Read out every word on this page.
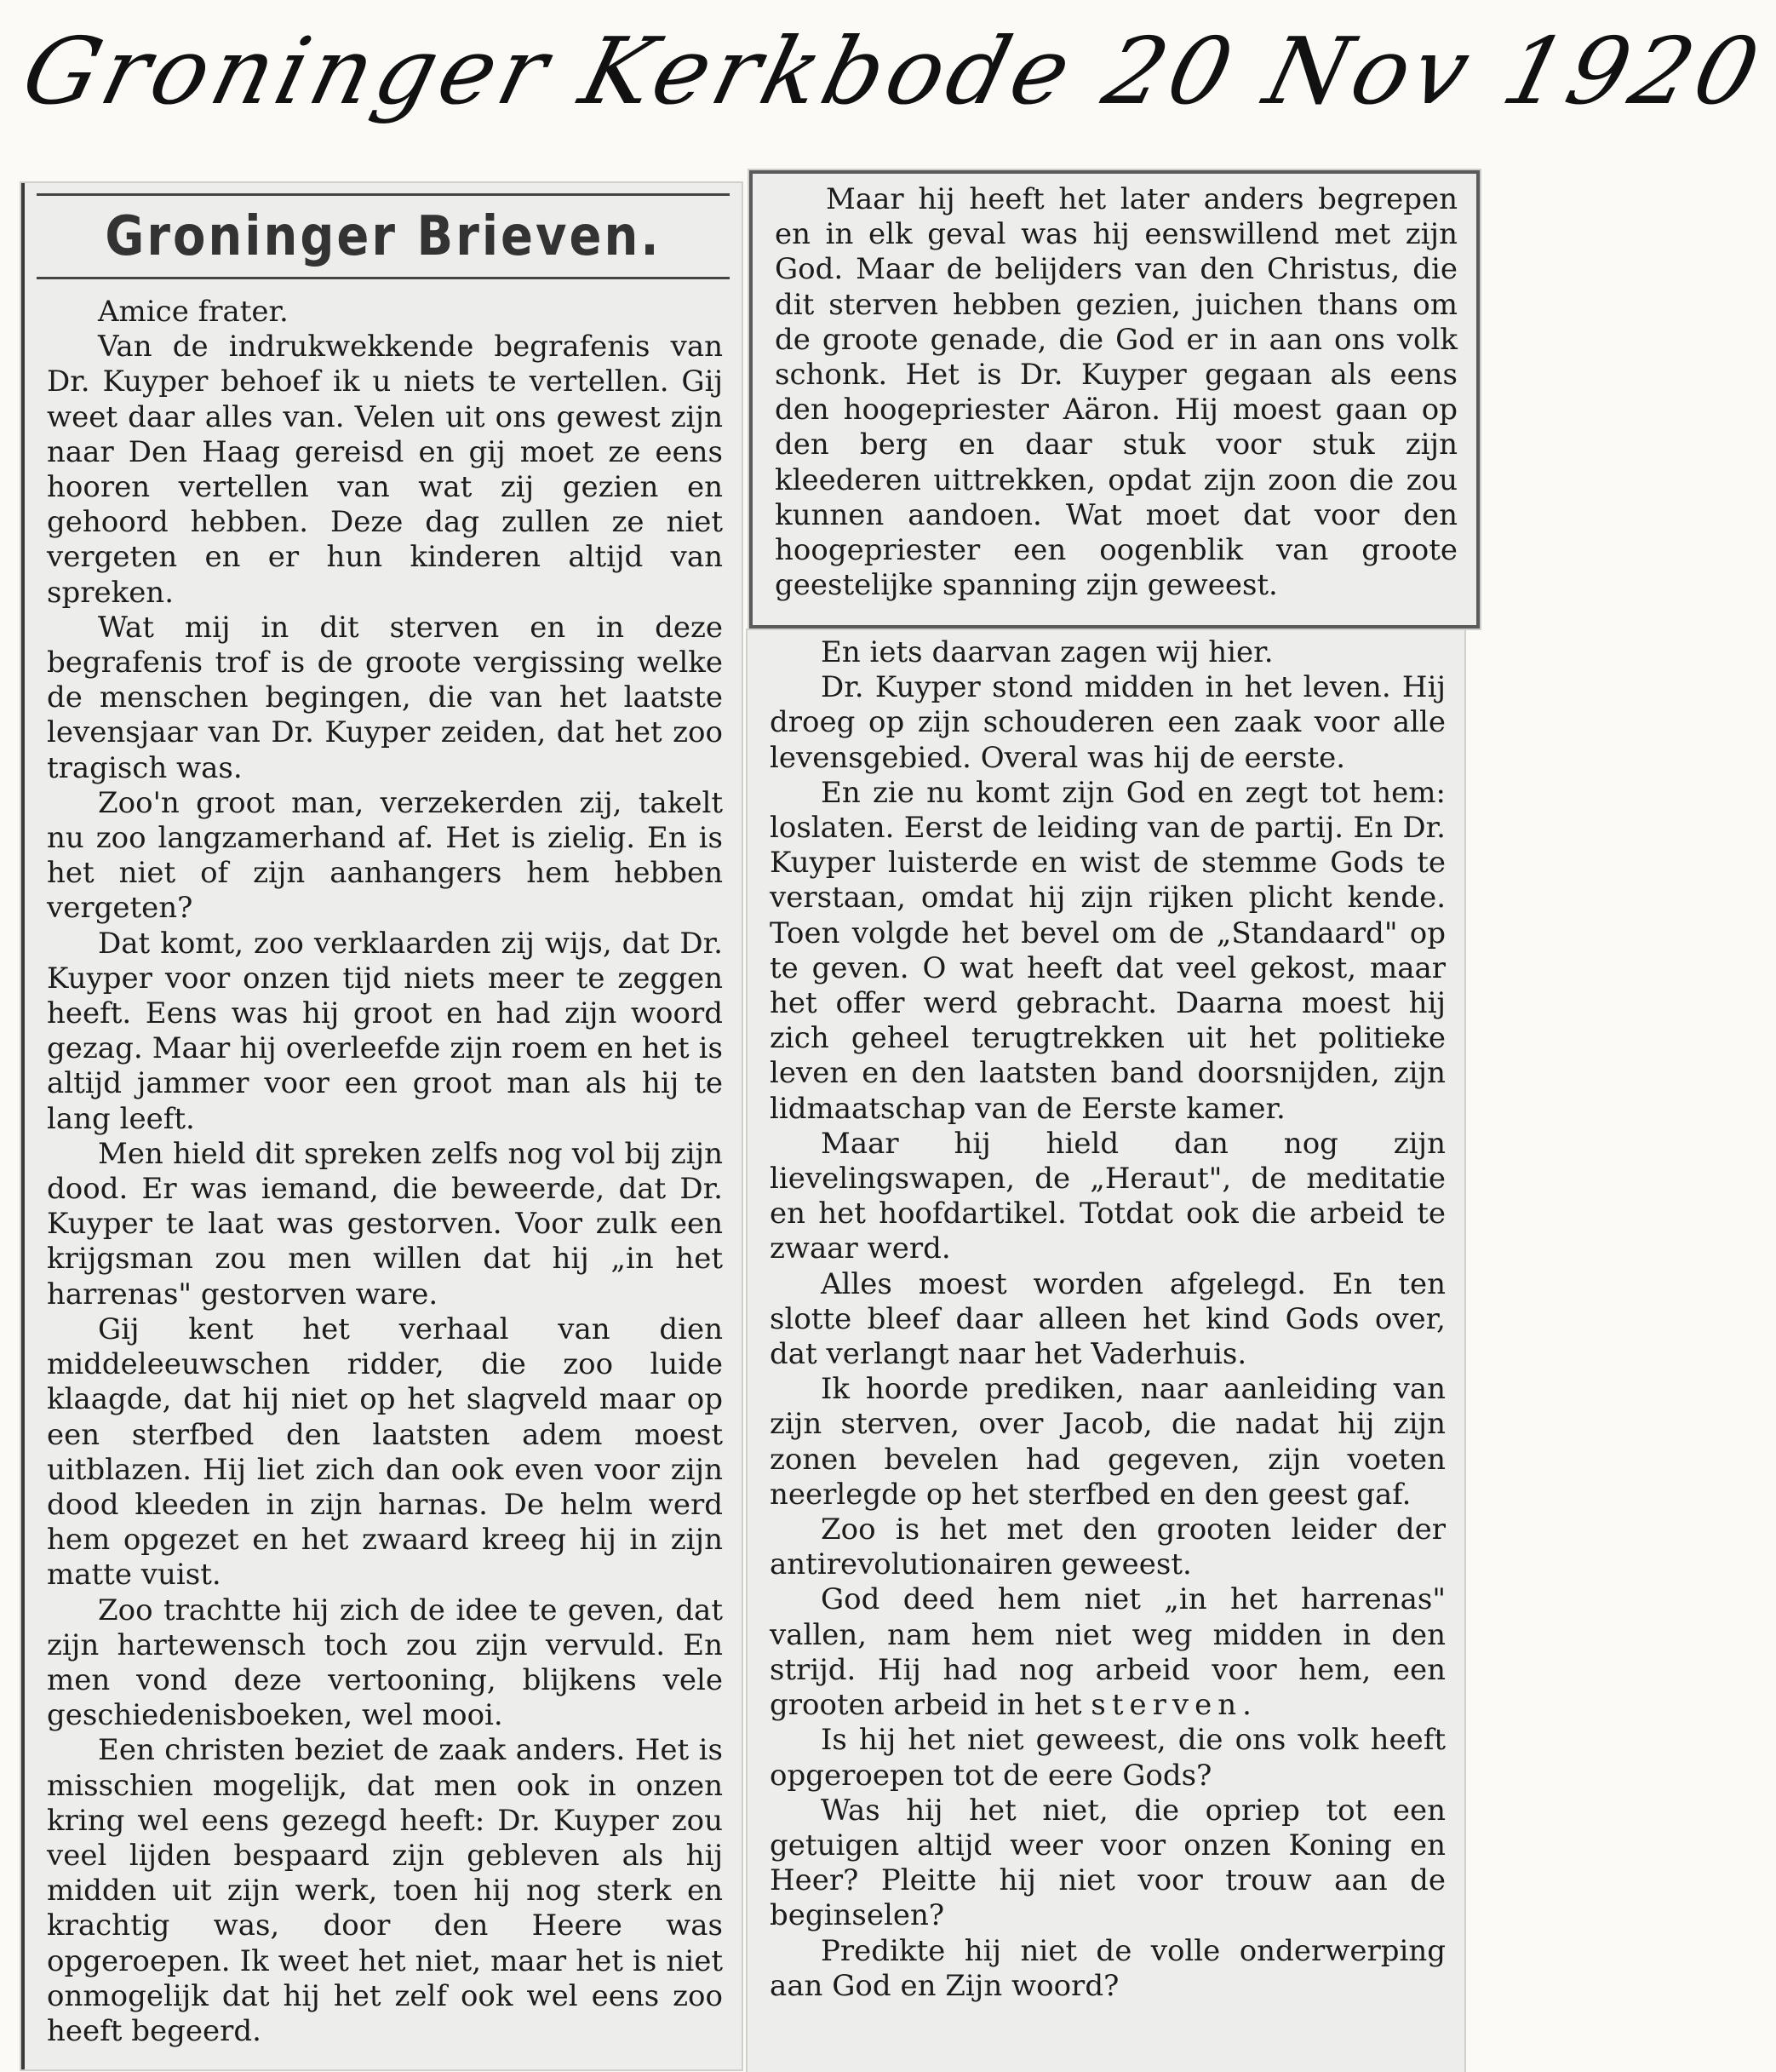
Groninger Kerkbode 20 Nov 1920
Groninger Brieven.

Amice frater.

Van de indrukwekkende begrafenis van Dr. Kuyper behoef ik u niets te vertellen. Gij weet daar alles van. Velen uit ons gewest zijn naar Den Haag gereisd en gij moet ze eens hooren vertellen van wat zij gezien en gehoord hebben. Deze dag zullen ze niet vergeten en er hun kinderen altijd van spreken.

Wat mij in dit sterven en in deze begrafenis trof is de groote vergissing welke de menschen begingen, die van het laatste levensjaar van Dr. Kuyper zeiden, dat het zoo tragisch was.

Zoo'n groot man, verzekerden zij, takelt nu zoo langzamerhand af. Het is zielig. En is het niet of zijn aanhangers hem hebben vergeten?

Dat komt, zoo verklaarden zij wijs, dat Dr. Kuyper voor onzen tijd niets meer te zeggen heeft. Eens was hij groot en had zijn woord gezag. Maar hij overleefde zijn roem en het is altijd jammer voor een groot man als hij te lang leeft.

Men hield dit spreken zelfs nog vol bij zijn dood. Er was iemand, die beweerde, dat Dr. Kuyper te laat was gestorven. Voor zulk een krijgsman zou men willen dat hij „in het harrenas" gestorven ware.

Gij kent het verhaal van dien middeleeuwschen ridder, die zoo luide klaagde, dat hij niet op het slagveld maar op een sterfbed den laatsten adem moest uitblazen. Hij liet zich dan ook even voor zijn dood kleeden in zijn harnas. De helm werd hem opgezet en het zwaard kreeg hij in zijn matte vuist.

Zoo trachtte hij zich de idee te geven, dat zijn hartewensch toch zou zijn vervuld. En men vond deze vertooning, blijkens vele geschiedenisboeken, wel mooi.

Een christen beziet de zaak anders. Het is misschien mogelijk, dat men ook in onzen kring wel eens gezegd heeft: Dr. Kuyper zou veel lijden bespaard zijn gebleven als hij midden uit zijn werk, toen hij nog sterk en krachtig was, door den Heere was opgeroepen. Ik weet het niet, maar het is niet onmogelijk dat hij het zelf ook wel eens zoo heeft begeerd.

Maar hij heeft het later anders begrepen en in elk geval was hij eenswillend met zijn God. Maar de belijders van den Christus, die dit sterven hebben gezien, juichen thans om de groote genade, die God er in aan ons volk schonk. Het is Dr. Kuyper gegaan als eens den hoogepriester Aäron. Hij moest gaan op den berg en daar stuk voor stuk zijn kleederen uittrekken, opdat zijn zoon die zou kunnen aandoen. Wat moet dat voor den hoogepriester een oogenblik van groote geestelijke spanning zijn geweest.

En iets daarvan zagen wij hier.

Dr. Kuyper stond midden in het leven. Hij droeg op zijn schouderen een zaak voor alle levensgebied. Overal was hij de eerste.

En zie nu komt zijn God en zegt tot hem: loslaten. Eerst de leiding van de partij. En Dr. Kuyper luisterde en wist de stemme Gods te verstaan, omdat hij zijn rijken plicht kende. Toen volgde het bevel om de „Standaard" op te geven. O wat heeft dat veel gekost, maar het offer werd gebracht. Daarna moest hij zich geheel terugtrekken uit het politieke leven en den laatsten band doorsnijden, zijn lidmaatschap van de Eerste kamer.

Maar hij hield dan nog zijn lievelingswapen, de „Heraut", de meditatie en het hoofdartikel. Totdat ook die arbeid te zwaar werd.

Alles moest worden afgelegd. En ten slotte bleef daar alleen het kind Gods over, dat verlangt naar het Vaderhuis.

Ik hoorde prediken, naar aanleiding van zijn sterven, over Jacob, die nadat hij zijn zonen bevelen had gegeven, zijn voeten neerlegde op het sterfbed en den geest gaf.

Zoo is het met den grooten leider der antirevolutionairen geweest.

God deed hem niet „in het harrenas" vallen, nam hem niet weg midden in den strijd. Hij had nog arbeid voor hem, een grooten arbeid in het sterven.

Is hij het niet geweest, die ons volk heeft opgeroepen tot de eere Gods?

Was hij het niet, die opriep tot een getuigen altijd weer voor onzen Koning en Heer? Pleitte hij niet voor trouw aan de beginselen?

Predikte hij niet de volle onderwerping aan God en Zijn woord?
